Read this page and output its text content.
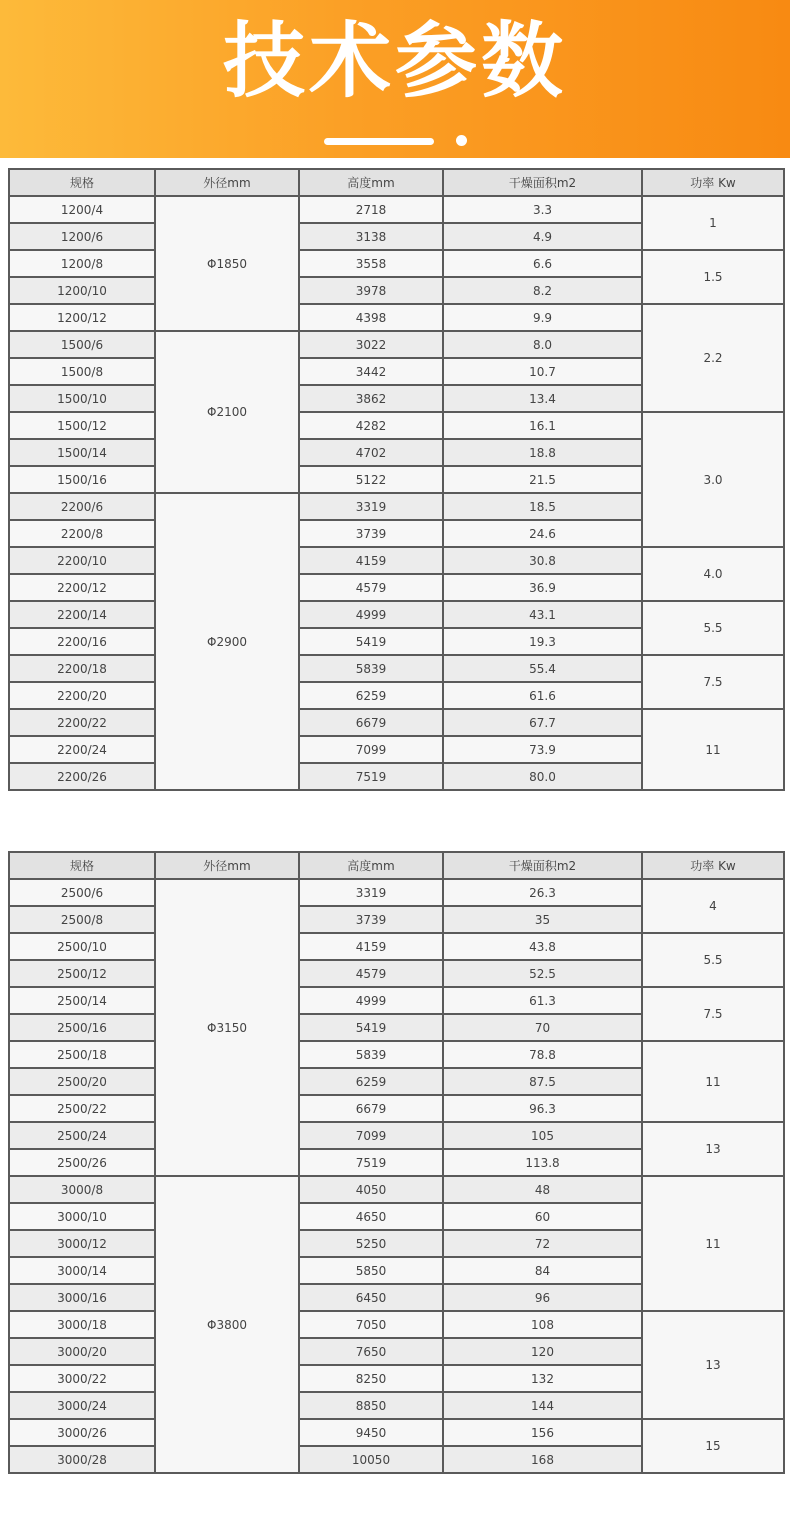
技术参数
规格	外径mm	高度mm	干燥面积m2	功率 Kw
1200/4	Φ1850	2718	3.3	1
1200/6		3138	4.9	
1200/8		3558	6.6	1.5
1200/10		3978	8.2	
1200/12		4398	9.9	2.2
1500/6	Φ2100	3022	8.0	
1500/8		3442	10.7	
1500/10		3862	13.4	
1500/12		4282	16.1	3.0
1500/14		4702	18.8	
1500/16		5122	21.5	
2200/6	Φ2900	3319	18.5	
2200/8		3739	24.6	
2200/10		4159	30.8	4.0
2200/12		4579	36.9	
2200/14		4999	43.1	5.5
2200/16		5419	19.3	
2200/18		5839	55.4	7.5
2200/20		6259	61.6	
2200/22		6679	67.7	11
2200/24		7099	73.9	
2200/26		7519	80.0	
规格	外径mm	高度mm	干燥面积m2	功率 Kw
2500/6	Φ3150	3319	26.3	4
2500/8		3739	35	
2500/10		4159	43.8	5.5
2500/12		4579	52.5	
2500/14		4999	61.3	7.5
2500/16		5419	70	
2500/18		5839	78.8	11
2500/20		6259	87.5	
2500/22		6679	96.3	
2500/24		7099	105	13
2500/26		7519	113.8	
3000/8	Φ3800	4050	48	11
3000/10		4650	60	
3000/12		5250	72	
3000/14		5850	84	
3000/16		6450	96	
3000/18		7050	108	13
3000/20		7650	120	
3000/22		8250	132	
3000/24		8850	144	
3000/26		9450	156	15
3000/28		10050	168	
